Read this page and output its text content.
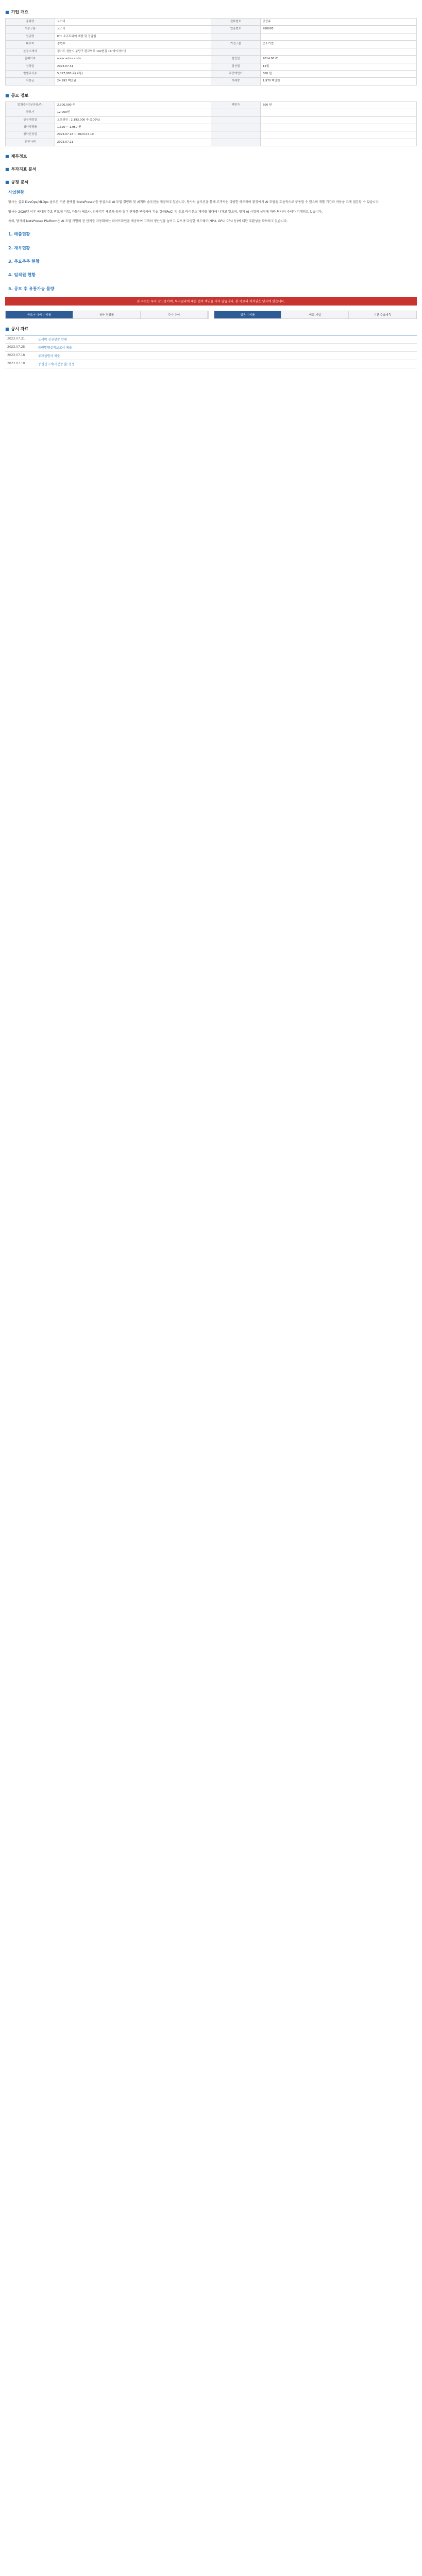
■ 기업 개요
종목명	노서비	전화번호	공공주
시장구분	코스닥	업종번호	988085
업종명	IT소 소프트웨어 개발 및 공급업		
대표자	정현수	기업구분	중소기업
본점소재지	경기도 성남시 분당구 판교역로 192번길 16 에이치아이		
홈페이지	www.notice.co.kr	설립일	2014.08.01
상장일	2023.07.31	결산월	12월
발행주식수	5,027,993 주(보통)	주당액면가	500 원
자본금	24,993 백만원	거래량	1,970 백만원
■ 공모 정보
발행주식수(단위:주)	2,300,000 주	액면가	500 원
공모가	12,000원		
상장예정일	오프라인 : 2,193,000 주 (100%)		
청약경쟁률	1,620 ~ 1,950 원		
청약신청일	2023.07.18 ~ 2023.07.19		
전환가액	2023.07.21		
■ 재무정보
■ 투자지표 분석
■ 공정 분석
사업현황

당사는 실효 DevOps/MLOps 솔루션 기반 플랫폼 'NetsPresso'를 중심으로 AI 모델 경량화 및 최적화 솔루션을 제공하고 있습니다. 당사의 솔루션을 통해 고객사는 다양한 하드웨어 환경에서 AI 모델을 효율적으로 구동할 수 있으며 개발 기간과 비용을 크게 절감할 수 있습니다.

당사는 2020년 이후 국내외 주요 반도체 기업, 자동차 제조사, 전자기기 제조사 등과 협력 관계를 구축하여 기술 검증(PoC) 및 유료 라이선스 계약을 확대해 나가고 있으며, 엣지 AI 시장의 성장에 따라 당사의 수혜가 기대되고 있습니다.

특히, 당사의 NetsPresso Platform은 AI 모델 개발의 전 단계를 자동화하는 파이프라인을 제공하여 고객의 생산성을 높이고 있으며 다양한 하드웨어(NPU, GPU, CPU 등)에 대한 호환성을 확보하고 있습니다.

1. 매출현황
2. 재무현황
3. 주요주주 현황
4. 임직원 현황
5. 공모 후 유통가능 물량
본 자료는 투자 참고용이며, 투자결과에 대한 법적 책임을 지지 않습니다. 본 자료의 저작권은 당사에 있습니다.
공모가 대비 수익률	청약 경쟁률	주가 추이	업종 수익률	비교 기업	기관 수요예측
■ 공시 자료
2023.07.31	노서비 신규상장 안내
2023.07.25	증권발행실적보고서 제출
2023.07.18	투자설명서 제출
2023.07.10	증권신고서(지분증권) 정정
